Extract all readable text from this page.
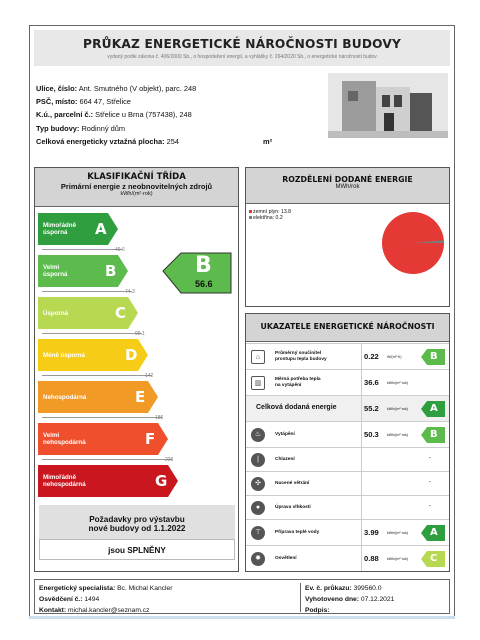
PRŮKAZ ENERGETICKÉ NÁROČNOSTI BUDOVY
vydaný podle zákona č. 406/2000 Sb., o hospodaření energií, a vyhlášky č. 264/2020 Sb., o energetické náročnosti budov
Ulice, číslo: Ant. Smutného (V objekt), parc. 248
PSČ, místo: 664 47, Střelice
K.ú., parcelní č.: Střelice u Brna (757438), 248
Typ budovy: Rodinný dům
Celková energeticky vztažná plocha: 254	m²
KLASIFIKAČNÍ TŘÍDA
Primární energie z neobnovitelných zdrojů
kWh/(m²·rok)
Mimořádně
úsporná	A
49.6
Velmi
úsporná	B
74.3
Úsporná	C
99.1
Méně úsporná	D
142
Nehospodárná	E
186
Velmi
nehospodárná	F
229
Mimořádně
nehospodárná	G
B
56.6
Požadavky pro výstavbu
nové budovy od 1.1.2022
jsou SPLNĚNY
ROZDĚLENÍ DODANÉ ENERGIE
MWh/rok
zemní plyn: 13.8
elektřina: 0.2
UKAZATELE ENERGETICKÉ NÁROČNOSTI
⌂
Průměrný součinitel
prostupu tepla budovy	0.22 W/(m²·K)	B
▥
Měrná potřeba tepla
na vytápění	36.6 kWh/(m²·rok)
Celková dodaná energie	55.2 kWh/(m²·rok) A
♨	Vytápění	50.3 kWh/(m²·rok) B
|	Chlazení	-
✣	Nucené větrání	-
●	Úprava vlhkosti	-
⊤	Příprava teplé vody	3.99 kWh/(m²·rok) A
✹	Osvětlení	0.88 kWh/(m²·rok) C
Energetický specialista: Bc. Michal Kancler
Osvědčení č.: 1494
Kontakt: michal.kancler@seznam.cz
Ev. č. průkazu: 399560.0
Vyhotoveno dne: 07.12.2021
Podpis:
